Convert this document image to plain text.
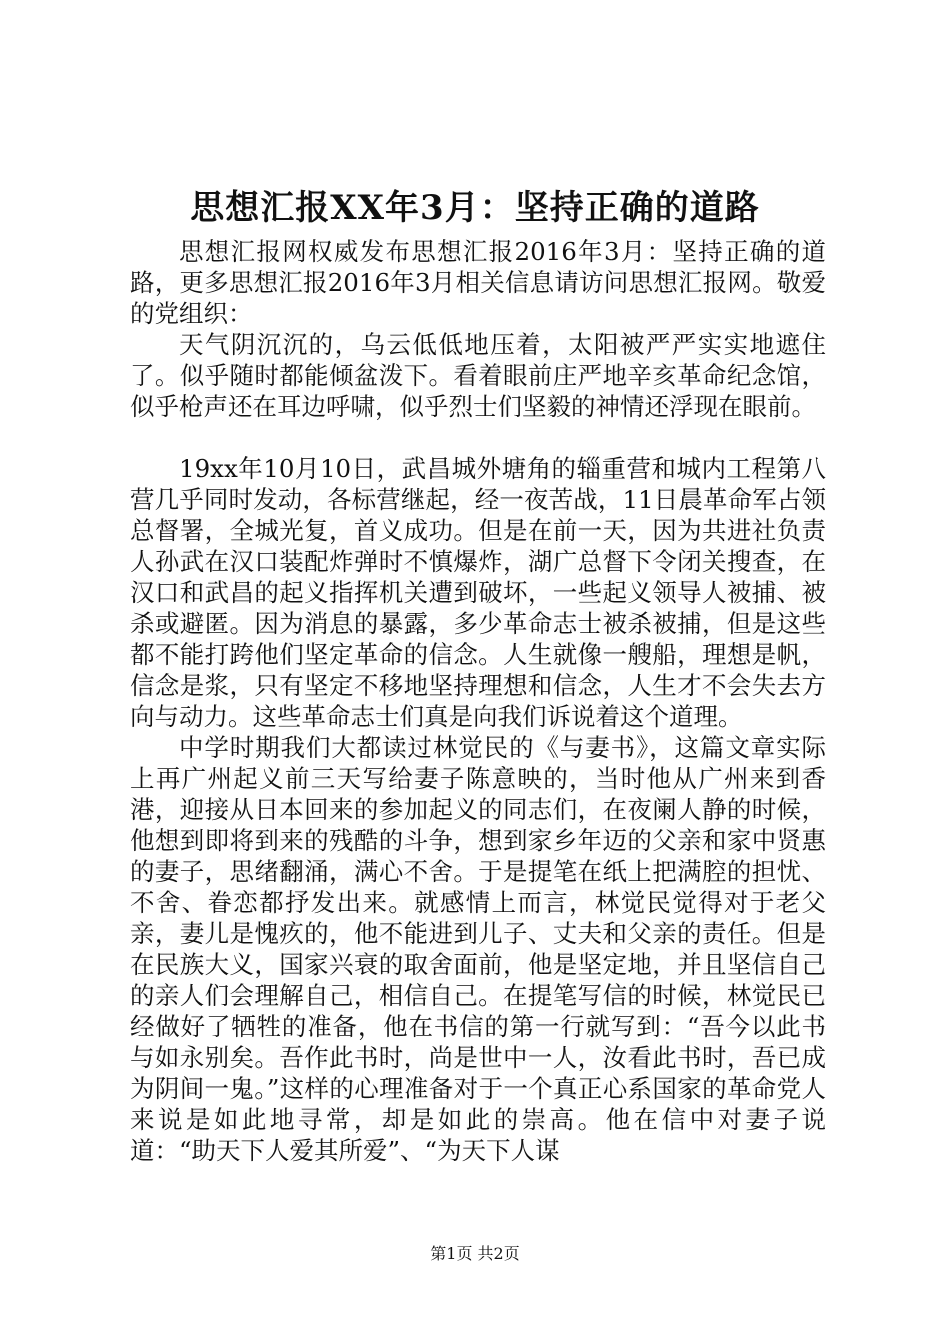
思想汇报XX年3月：坚持正确的道路

思想汇报网权威发布思想汇报2016年3月：坚持正确的道路，更多思想汇报2016年3月相关信息请访问思想汇报网。敬爱的党组织：

天气阴沉沉的，乌云低低地压着，太阳被严严实实地遮住了。似乎随时都能倾盆泼下。看着眼前庄严地辛亥革命纪念馆，似乎枪声还在耳边呼啸，似乎烈士们坚毅的神情还浮现在眼前。

19xx年10月10日，武昌城外塘角的辎重营和城内工程第八营几乎同时发动，各标营继起，经一夜苦战，11日晨革命军占领总督署，全城光复，首义成功。但是在前一天，因为共进社负责人孙武在汉口装配炸弹时不慎爆炸，湖广总督下令闭关搜查，在汉口和武昌的起义指挥机关遭到破坏，一些起义领导人被捕、被杀或避匿。因为消息的暴露，多少革命志士被杀被捕，但是这些都不能打跨他们坚定革命的信念。人生就像一艘船，理想是帆，信念是浆，只有坚定不移地坚持理想和信念，人生才不会失去方向与动力。这些革命志士们真是向我们诉说着这个道理。

中学时期我们大都读过林觉民的《与妻书》，这篇文章实际上再广州起义前三天写给妻子陈意映的，当时他从广州来到香港，迎接从日本回来的参加起义的同志们，在夜阑人静的时候，他想到即将到来的残酷的斗争，想到家乡年迈的父亲和家中贤惠的妻子，思绪翻涌，满心不舍。于是提笔在纸上把满腔的担忧、不舍、眷恋都抒发出来。就感情上而言，林觉民觉得对于老父亲，妻儿是愧疚的，他不能进到儿子、丈夫和父亲的责任。但是在民族大义，国家兴衰的取舍面前，他是坚定地，并且坚信自己的亲人们会理解自己，相信自己。在提笔写信的时候，林觉民已经做好了牺牲的准备，他在书信的第一行就写到：“吾今以此书与如永别矣。吾作此书时，尚是世中一人，汝看此书时，吾已成为阴间一鬼。”这样的心理准备对于一个真正心系国家的革命党人来说是如此地寻常，却是如此的崇高。他在信中对妻子说道：“助天下人爱其所爱”、“为天下人谋

第1页 共2页
